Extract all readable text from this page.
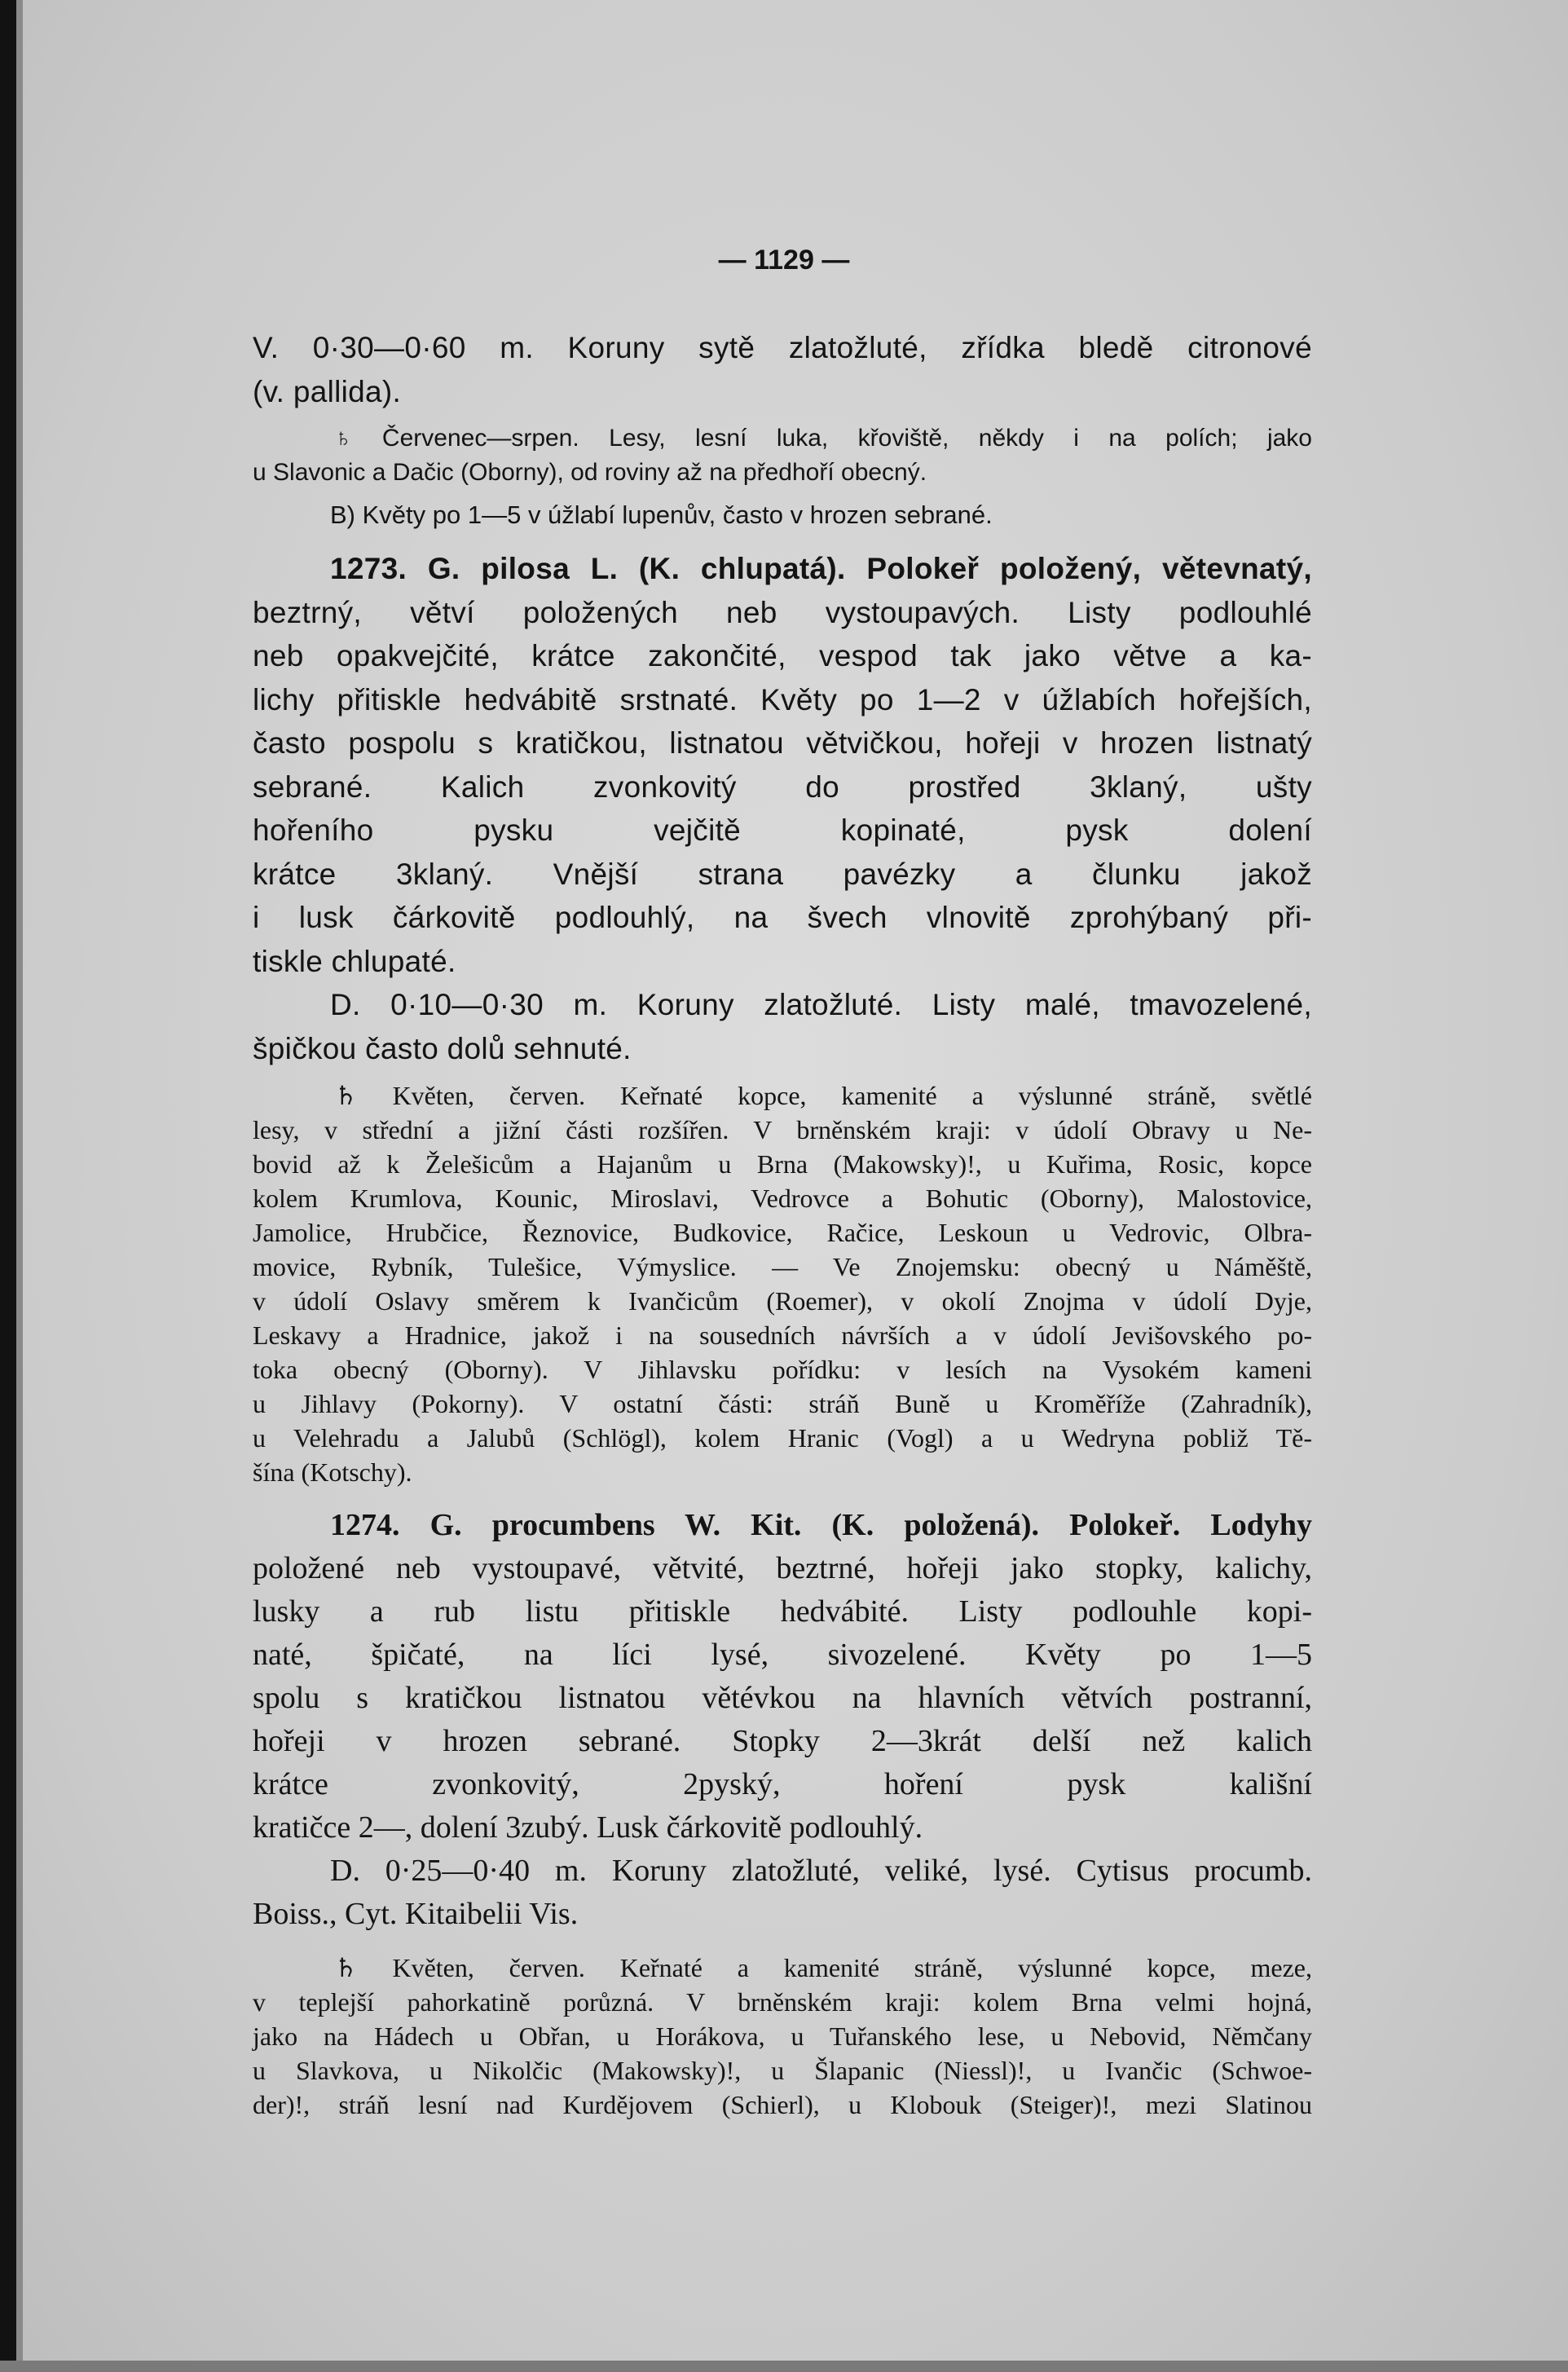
— 1129 —
V. 0·30—0·60 m. Koruny sytě zlatožluté, zřídka bledě citronové
(v. pallida).
♄ Červenec—srpen. Lesy, lesní luka, křoviště, někdy i na polích; jako
u Slavonic a Dačic (Oborny), od roviny až na předhoří obecný.
B) Květy po 1—5 v úžlabí lupenův, často v hrozen sebrané.
1273. G. pilosa L. (K. chlupatá). Polokeř položený, větevnatý,
beztrný, větví položených neb vystoupavých. Listy podlouhlé
neb opakvejčité, krátce zakončité, vespod tak jako větve a ka-
lichy přitiskle hedvábitě srstnaté. Květy po 1—2 v úžlabích hořejších,
často pospolu s kratičkou, listnatou větvičkou, hořeji v hrozen listnatý
sebrané. Kalich zvonkovitý do prostřed 3klaný, ušty
hořeního pysku vejčitě kopinaté, pysk dolení
krátce 3klaný. Vnější strana pavézky a člunku jakož
i lusk čárkovitě podlouhlý, na švech vlnovitě zprohýbaný při-
tiskle chlupaté.
D. 0·10—0·30 m. Koruny zlatožluté. Listy malé, tmavozelené,
špičkou často dolů sehnuté.
♄ Květen, červen. Keřnaté kopce, kamenité a výslunné stráně, světlé
lesy, v střední a jižní části rozšířen. V brněnském kraji: v údolí Obravy u Ne-
bovid až k Želešicům a Hajanům u Brna (Makowsky)!, u Kuřima, Rosic, kopce
kolem Krumlova, Kounic, Miroslavi, Vedrovce a Bohutic (Oborny), Malostovice,
Jamolice, Hrubčice, Řeznovice, Budkovice, Račice, Leskoun u Vedrovic, Olbra-
movice, Rybník, Tulešice, Výmyslice. — Ve Znojemsku: obecný u Náměště,
v údolí Oslavy směrem k Ivančicům (Roemer), v okolí Znojma v údolí Dyje,
Leskavy a Hradnice, jakož i na sousedních návrších a v údolí Jevišovského po-
toka obecný (Oborny). V Jihlavsku pořídku: v lesích na Vysokém kameni
u Jihlavy (Pokorny). V ostatní části: stráň Buně u Kroměříže (Zahradník),
u Velehradu a Jalubů (Schlögl), kolem Hranic (Vogl) a u Wedryna pobliž Tě-
šína (Kotschy).
1274. G. procumbens W. Kit. (K. položená). Polokeř. Lodyhy
položené neb vystoupavé, větvité, beztrné, hořeji jako stopky, kalichy,
lusky a rub listu přitiskle hedvábité. Listy podlouhle kopi-
naté, špičaté, na líci lysé, sivozelené. Květy po 1—5
spolu s kratičkou listnatou větévkou na hlavních větvích postranní,
hořeji v hrozen sebrané. Stopky 2—3krát delší než kalich
krátce zvonkovitý, 2pyský, hoření pysk kališní
kratičce 2—, dolení 3zubý. Lusk čárkovitě podlouhlý.
D. 0·25—0·40 m. Koruny zlatožluté, veliké, lysé. Cytisus procumb.
Boiss., Cyt. Kitaibelii Vis.
♄ Květen, červen. Keřnaté a kamenité stráně, výslunné kopce, meze,
v teplejší pahorkatině porůzná. V brněnském kraji: kolem Brna velmi hojná,
jako na Hádech u Obřan, u Horákova, u Tuřanského lese, u Nebovid, Němčany
u Slavkova, u Nikolčic (Makowsky)!, u Šlapanic (Niessl)!, u Ivančic (Schwoe-
der)!, stráň lesní nad Kurdějovem (Schierl), u Klobouk (Steiger)!, mezi Slatinou
